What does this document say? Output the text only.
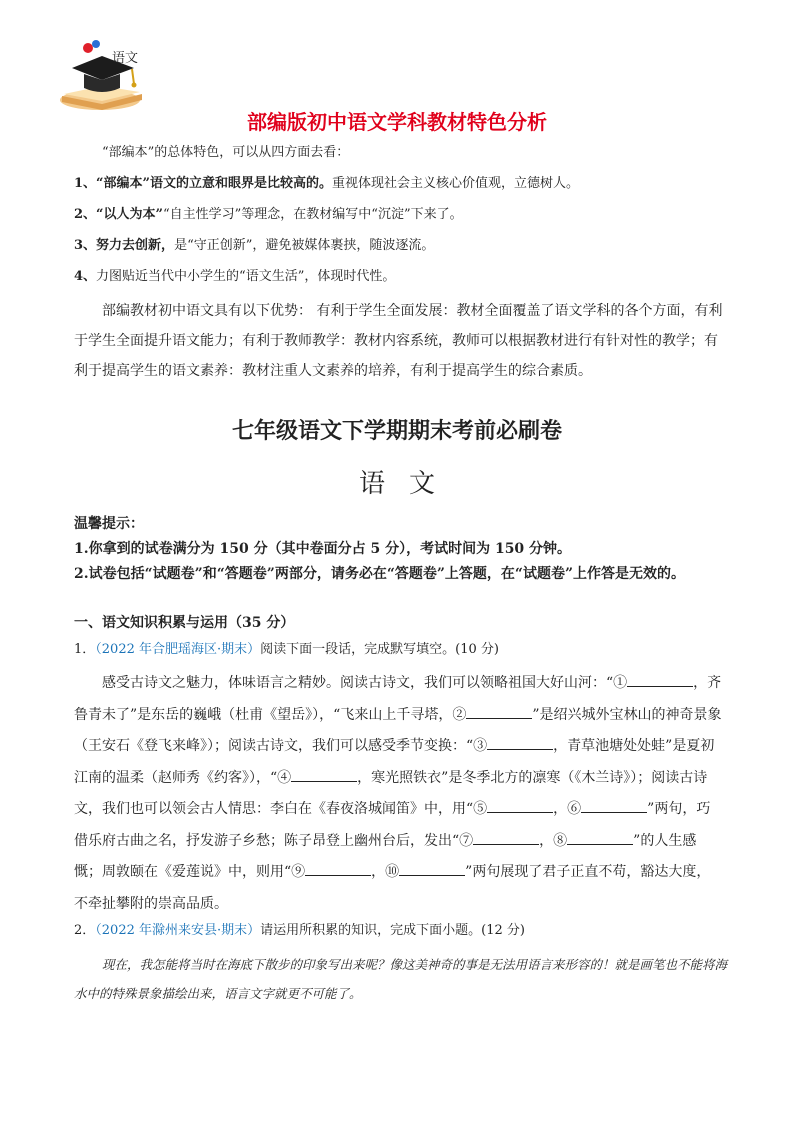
语文
部编版初中语文学科教材特色分析
“部编本”的总体特色，可以从四方面去看：
1、“部编本”语文的立意和眼界是比较高的。重视体现社会主义核心价值观，立德树人。
2、“以人为本”“自主性学习”等理念，在教材编写中“沉淀”下来了。
3、努力去创新，是“守正创新”，避免被媒体裹挟，随波逐流。
4、力图贴近当代中小学生的“语文生活”，体现时代性。
部编教材初中语文具有以下优势： 有利于学生全面发展：教材全面覆盖了语文学科的各个方面，有利于学生全面提升语文能力；有利于教师教学：教材内容系统，教师可以根据教材进行有针对性的教学；有利于提高学生的语文素养：教材注重人文素养的培养，有利于提高学生的综合素质。
七年级语文下学期期末考前必刷卷
语文
温馨提示：
1.你拿到的试卷满分为 150 分（其中卷面分占 5 分），考试时间为 150 分钟。
2.试卷包括“试题卷”和“答题卷”两部分，请务必在“答题卷”上答题，在“试题卷”上作答是无效的。
一、语文知识积累与运用（35 分）
1．（2022 年合肥瑶海区·期末）阅读下面一段话，完成默写填空。(10 分)
感受古诗文之魅力，体味语言之精妙。阅读古诗文，我们可以领略祖国大好山河：“①	，齐鲁青未了”是东岳的巍峨（杜甫《望岳》），“飞来山上千寻塔，②	”是绍兴城外宝林山的神奇景象（王安石《登飞来峰》）；阅读古诗文，我们可以感受季节变换：“③	，青草池塘处处蛙”是夏初江南的温柔（赵师秀《约客》），“④	，寒光照铁衣”是冬季北方的凛寒（《木兰诗》）；阅读古诗文，我们也可以领会古人情思：李白在《春夜洛城闻笛》中，用“⑤	，⑥	”两句，巧借乐府古曲之名，抒发游子乡愁；陈子昂登上幽州台后，发出“⑦	，⑧	”的人生感慨；周敦颐在《爱莲说》中，则用“⑨	，⑩	”两句展现了君子正直不苟，豁达大度，不牵扯攀附的崇高品质。
2．（2022 年滁州来安县·期末）请运用所积累的知识，完成下面小题。(12 分)
现在，我怎能将当时在海底下散步的印象写出来呢？像这美神奇的事是无法用语言来形容的！就是画笔也不能将海水中的特殊景象描绘出来，语言文字就更不可能了。
